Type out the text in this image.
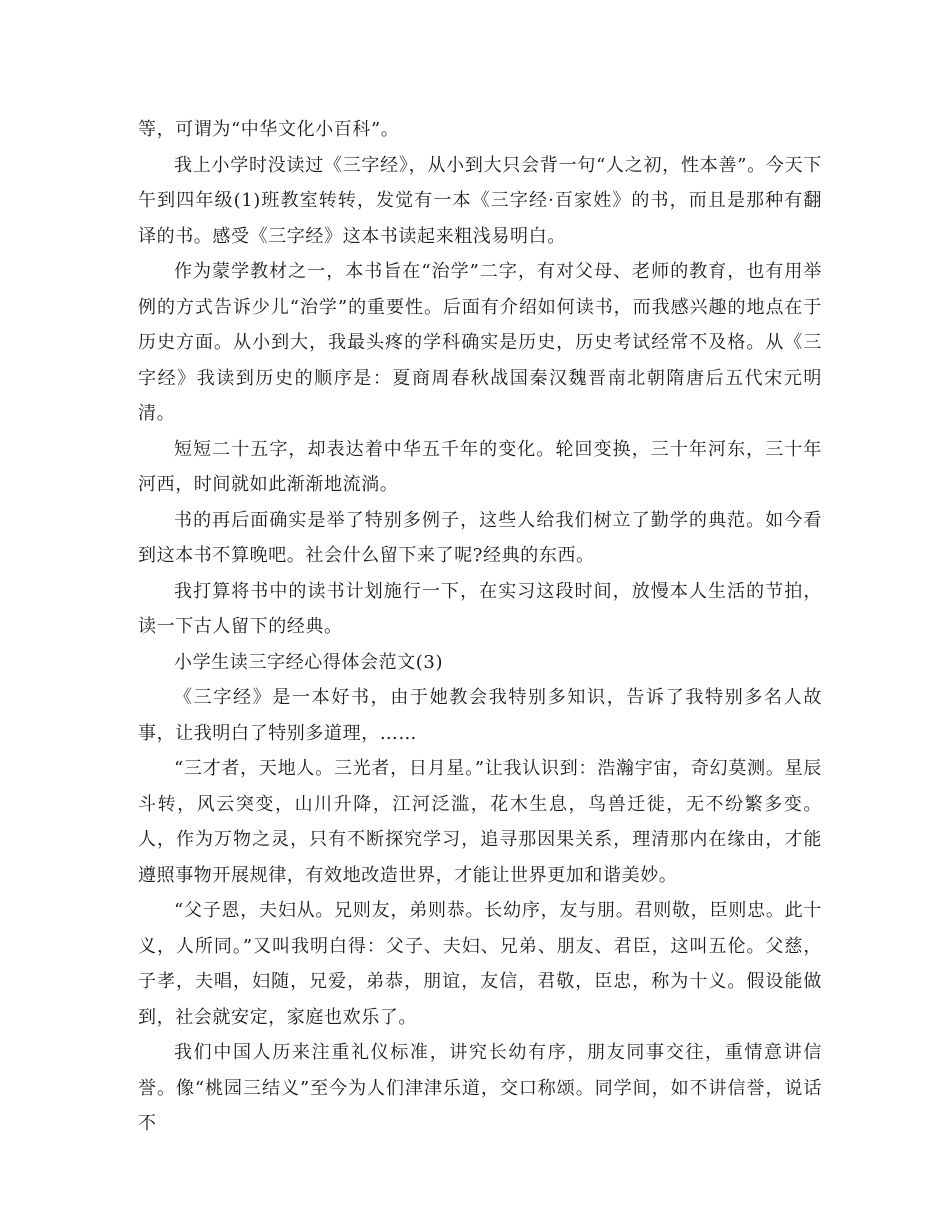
等，可谓为“中华文化小百科”。

我上小学时没读过《三字经》，从小到大只会背一句“人之初，性本善”。今天下午到四年级(1)班教室转转，发觉有一本《三字经·百家姓》的书，而且是那种有翻译的书。感受《三字经》这本书读起来粗浅易明白。

作为蒙学教材之一，本书旨在“治学”二字，有对父母、老师的教育，也有用举例的方式告诉少儿“治学”的重要性。后面有介绍如何读书，而我感兴趣的地点在于历史方面。从小到大，我最头疼的学科确实是历史，历史考试经常不及格。从《三字经》我读到历史的顺序是：夏商周春秋战国秦汉魏晋南北朝隋唐后五代宋元明清。

短短二十五字，却表达着中华五千年的变化。轮回变换，三十年河东，三十年河西，时间就如此渐渐地流淌。

书的再后面确实是举了特别多例子，这些人给我们树立了勤学的典范。如今看到这本书不算晚吧。社会什么留下来了呢?经典的东西。

我打算将书中的读书计划施行一下，在实习这段时间，放慢本人生活的节拍，读一下古人留下的经典。

小学生读三字经心得体会范文(3)

《三字经》是一本好书，由于她教会我特别多知识，告诉了我特别多名人故事，让我明白了特别多道理，……

“三才者，天地人。三光者，日月星。”让我认识到：浩瀚宇宙，奇幻莫测。星辰斗转，风云突变，山川升降，江河泛滥，花木生息，鸟兽迁徙，无不纷繁多变。人，作为万物之灵，只有不断探究学习，追寻那因果关系，理清那内在缘由，才能遵照事物开展规律，有效地改造世界，才能让世界更加和谐美妙。

“父子恩，夫妇从。兄则友，弟则恭。长幼序，友与朋。君则敬，臣则忠。此十义，人所同。”又叫我明白得：父子、夫妇、兄弟、朋友、君臣，这叫五伦。父慈，子孝，夫唱，妇随，兄爱，弟恭，朋谊，友信，君敬，臣忠，称为十义。假设能做到，社会就安定，家庭也欢乐了。

我们中国人历来注重礼仪标准，讲究长幼有序，朋友同事交往，重情意讲信誉。像“桃园三结义”至今为人们津津乐道，交口称颂。同学间，如不讲信誉，说话不
